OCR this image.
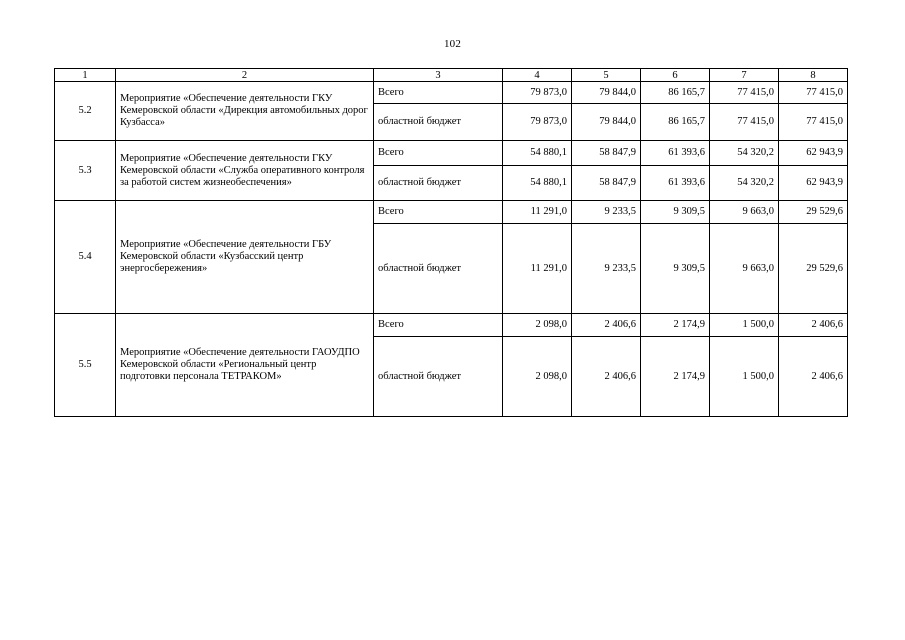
102
1	2	3	4	5	6	7	8
5.2	Мероприятие «Обеспечение деятельности ГКУ Кемеровской области «Дирекция автомобильных дорог Кузбасса»	Всего	79 873,0	79 844,0	86 165,7	77 415,0	77 415,0
		областной бюджет	79 873,0	79 844,0	86 165,7	77 415,0	77 415,0
5.3	Мероприятие «Обеспечение деятельности ГКУ Кемеровской области «Служба оперативного контроля за работой систем жизнеобеспечения»	Всего	54 880,1	58 847,9	61 393,6	54 320,2	62 943,9
		областной бюджет	54 880,1	58 847,9	61 393,6	54 320,2	62 943,9
5.4	Мероприятие «Обеспечение деятельности ГБУ Кемеровской области «Кузбасский центр энергосбережения»	Всего	11 291,0	9 233,5	9 309,5	9 663,0	29 529,6
		областной бюджет	11 291,0	9 233,5	9 309,5	9 663,0	29 529,6
5.5	Мероприятие «Обеспечение деятельности ГАОУДПО Кемеровской области «Региональный центр подготовки персонала ТЕТРАКОМ»	Всего	2 098,0	2 406,6	2 174,9	1 500,0	2 406,6
		областной бюджет	2 098,0	2 406,6	2 174,9	1 500,0	2 406,6
